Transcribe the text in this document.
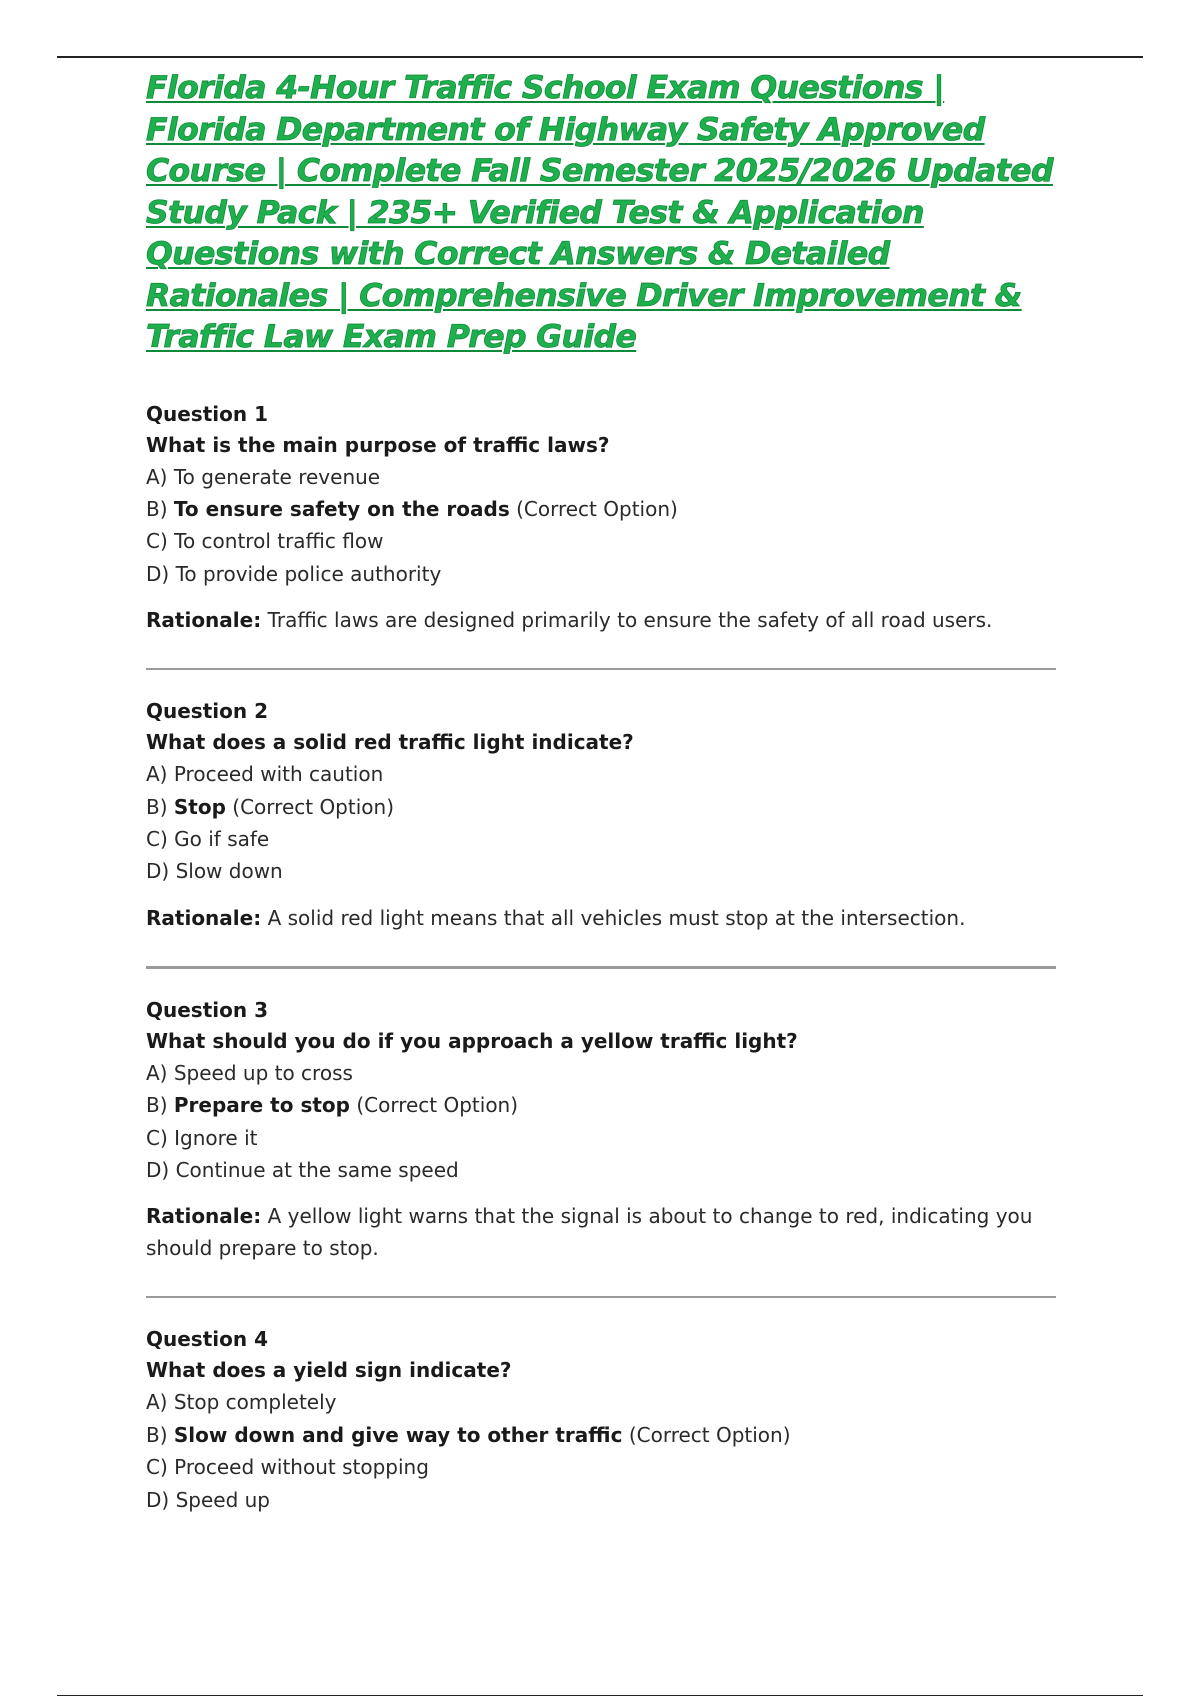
Florida 4-Hour Traffic School Exam Questions | Florida Department of Highway Safety Approved Course | Complete Fall Semester 2025/2026 Updated Study Pack | 235+ Verified Test & Application Questions with Correct Answers & Detailed Rationales | Comprehensive Driver Improvement & Traffic Law Exam Prep Guide
Question 1
What is the main purpose of traffic laws?
A) To generate revenue
B) To ensure safety on the roads (Correct Option)
C) To control traffic flow
D) To provide police authority
Rationale: Traffic laws are designed primarily to ensure the safety of all road users.
Question 2
What does a solid red traffic light indicate?
A) Proceed with caution
B) Stop (Correct Option)
C) Go if safe
D) Slow down
Rationale: A solid red light means that all vehicles must stop at the intersection.
Question 3
What should you do if you approach a yellow traffic light?
A) Speed up to cross
B) Prepare to stop (Correct Option)
C) Ignore it
D) Continue at the same speed
Rationale: A yellow light warns that the signal is about to change to red, indicating you should prepare to stop.
Question 4
What does a yield sign indicate?
A) Stop completely
B) Slow down and give way to other traffic (Correct Option)
C) Proceed without stopping
D) Speed up
